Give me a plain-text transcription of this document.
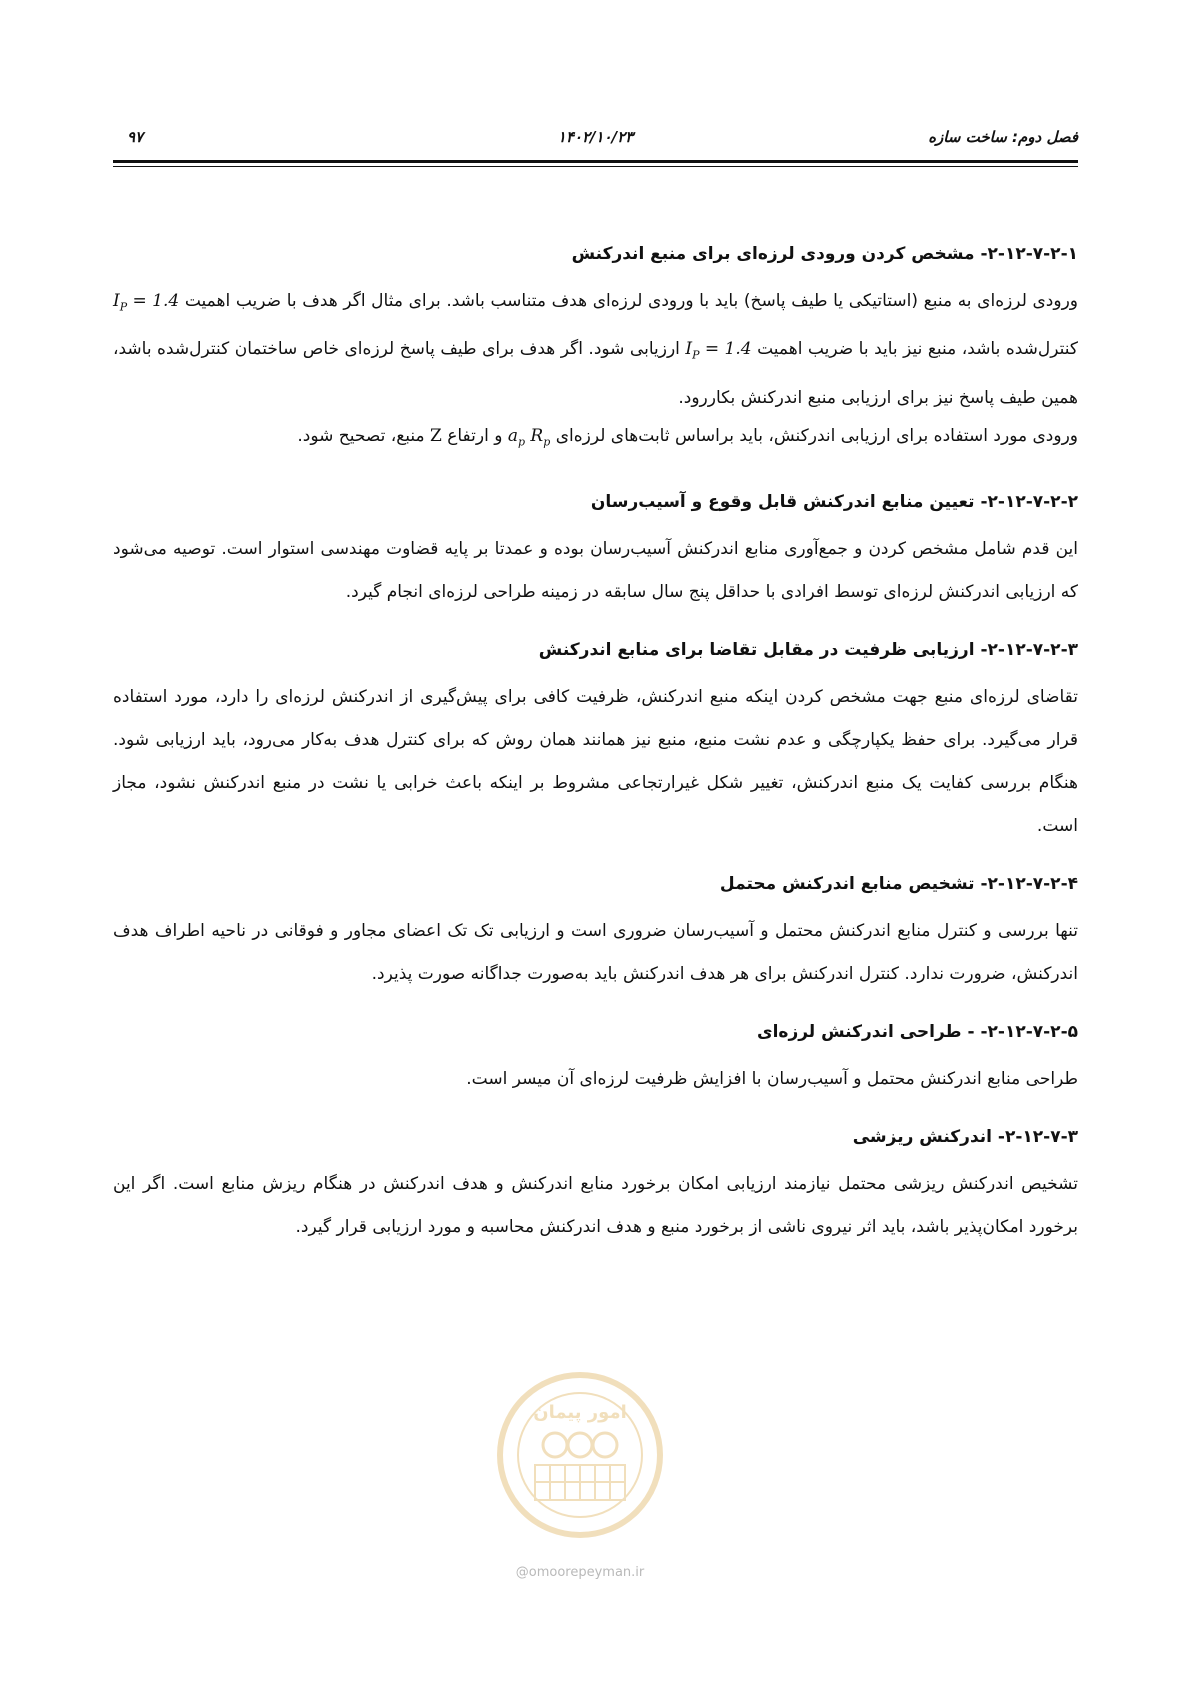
فصل دوم: ساخت سازه
۱۴۰۲/۱۰/۲۳
۹۷
۲-۱۲-۷-۲-۱- مشخص کردن ورودی لرزه‌ای برای منبع اندرکنش

ورودی لرزه‌ای به منبع (استاتیکی یا طیف پاسخ) باید با ورودی لرزه‌ای هدف متناسب باشد. برای مثال اگر هدف با ضریب اهمیت $I_P = 1.4$ کنترل‌شده باشد، منبع نیز باید با ضریب اهمیت $I_P = 1.4$ ارزیابی شود. اگر هدف برای طیف پاسخ لرزه‌ای خاص ساختمان کنترل‌شده باشد، همین طیف پاسخ نیز برای ارزیابی منبع اندرکنش بکاررود.

ورودی مورد استفاده برای ارزیابی اندرکنش، باید براساس ثابت‌های لرزه‌ای $a_p$ $R_p$ و ارتفاع Z منبع، تصحیح شود.

۲-۱۲-۷-۲-۲- تعیین منابع اندرکنش قابل وقوع و آسیب‌رسان

این قدم شامل مشخص کردن و جمع‌آوری منابع اندرکنش آسیب‌رسان بوده و عمدتا بر پایه قضاوت مهندسی استوار است. توصیه می‌شود که ارزیابی اندرکنش لرزه‌ای توسط افرادی با حداقل پنج سال سابقه در زمینه طراحی لرزه‌ای انجام گیرد.

۲-۱۲-۷-۲-۳- ارزیابی ظرفیت در مقابل تقاضا برای منابع اندرکنش

تقاضای لرزه‌ای منبع جهت مشخص کردن اینکه منبع اندرکنش، ظرفیت کافی برای پیش‌گیری از اندرکنش لرزه‌ای را دارد، مورد استفاده قرار می‌گیرد. برای حفظ یکپارچگی و عدم نشت منبع، منبع نیز همانند همان روش که برای کنترل هدف به‌کار می‌رود، باید ارزیابی شود. هنگام بررسی کفایت یک منبع اندرکنش، تغییر شکل غیرارتجاعی مشروط بر اینکه باعث خرابی یا نشت در منبع اندرکنش نشود، مجاز است.

۲-۱۲-۷-۲-۴- تشخیص منابع اندرکنش محتمل

تنها بررسی و کنترل منابع اندرکنش محتمل و آسیب‌رسان ضروری است و ارزیابی تک تک اعضای مجاور و فوقانی در ناحیه اطراف هدف اندرکنش، ضرورت ندارد. کنترل اندرکنش برای هر هدف اندرکنش باید به‌صورت جداگانه صورت پذیرد.

۲-۱۲-۷-۲-۵- - طراحی اندرکنش لرزه‌ای

طراحی منابع اندرکنش محتمل و آسیب‌رسان با افزایش ظرفیت لرزه‌ای آن میسر است.

۲-۱۲-۷-۳- اندرکنش ریزشی

تشخیص اندرکنش ریزشی محتمل نیازمند ارزیابی امکان برخورد منابع اندرکنش و هدف اندرکنش در هنگام ریزش منابع است. اگر این برخورد امکان‌پذیر باشد، باید اثر نیروی ناشی از برخورد منبع و هدف اندرکنش محاسبه و مورد ارزیابی قرار گیرد.

امور پیمان
@omoorepeyman.ir
